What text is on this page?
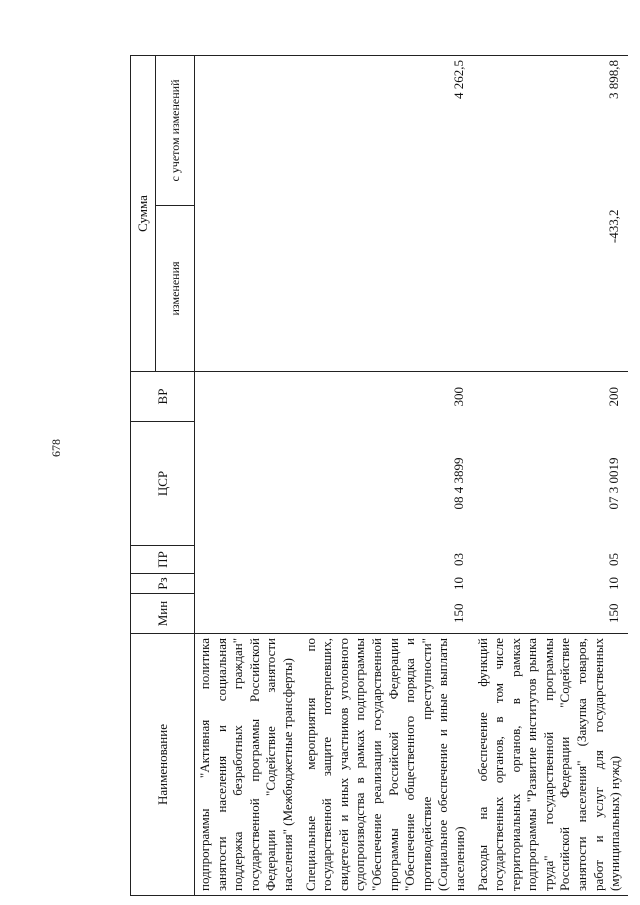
678
Наименование	Мин	Рз	ПР	ЦСР	ВР	Сумма	
						изменения	с учетом изменений
подпрограммы "Активная политика занятости населения и социальная поддержка безработных граждан" государственной программы Российской Федерации "Содействие занятости населения" (Межбюджетные трансферты)							
Специальные мероприятия по государственной защите потерпевших, свидетелей и иных участников уголовного судопроизводства в рамках подпрограммы "Обеспечение реализации государственной программы Российской Федерации "Обеспечение общественного порядка и противодействие преступности" (Социальное обеспечение и иные выплаты населению)	150	10	03	08 4 3899	300		4 262,5
Расходы на обеспечение функций государственных органов, в том числе территориальных органов, в рамках подпрограммы "Развитие институтов рынка труда" государственной программы Российской Федерации "Содействие занятости населения" (Закупка товаров, работ и услуг для государственных (муниципальных) нужд)	150	10	05	07 3 0019	200	-433,2	3 898,8
